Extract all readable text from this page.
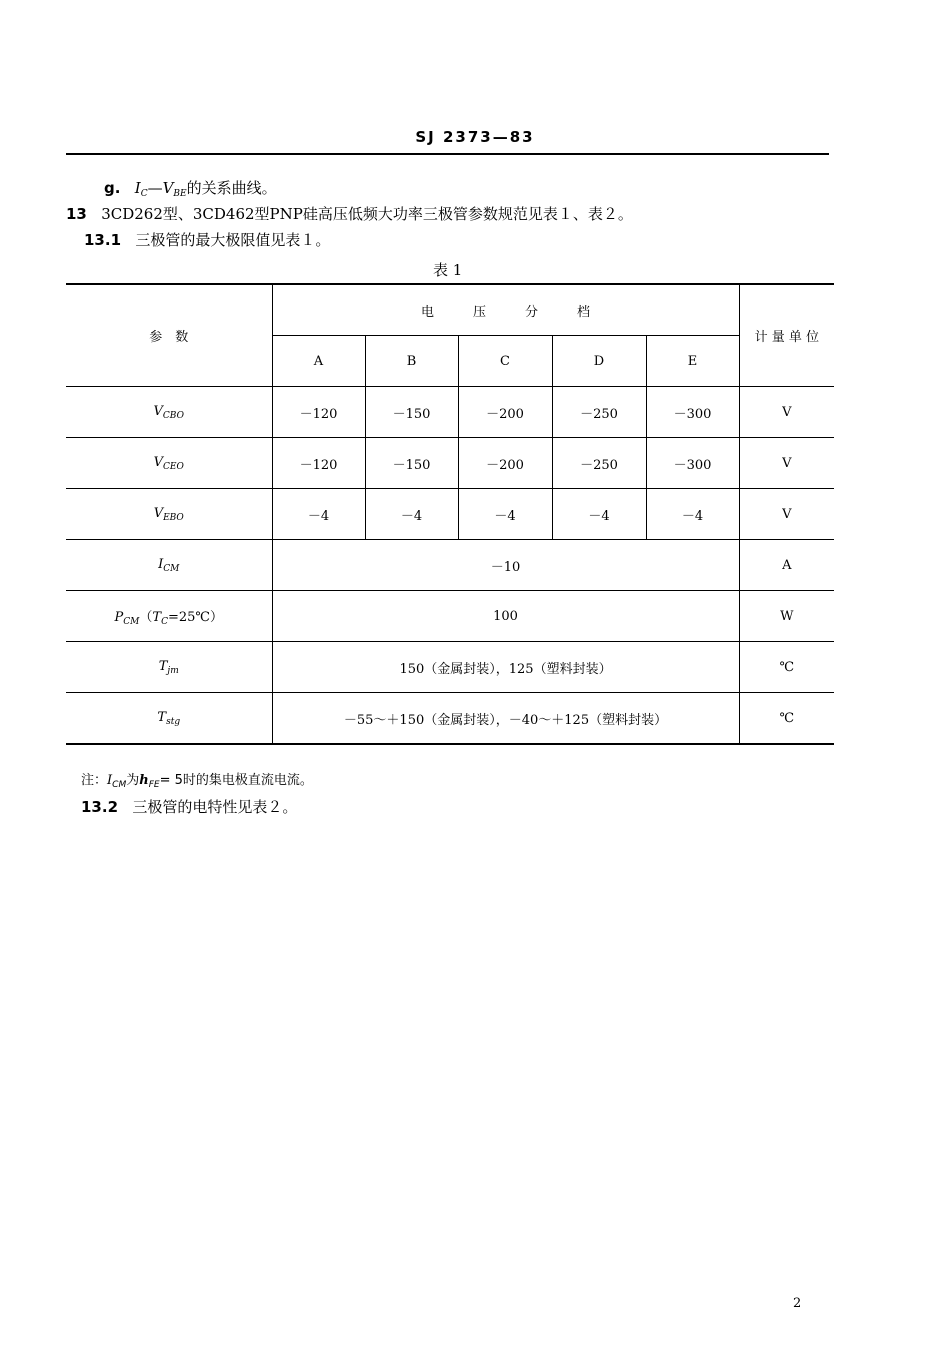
SJ 2373—83
g. $I_C—V_{BE}$的关系曲线。
13 3CD262型、3CD462型PNP硅高压低频大功率三极管参数规范见表１、表２。
13.1 三极管的最大极限值见表１。
表 1
参　数	电　　　压　　　分　　　档					计 量 单 位
	A	B	C	D	E	
$V_{CBO}$	－120	－150	－200	－250	－300	V
$V_{CEO}$	－120	－150	－200	－250	－300	V
$V_{EBO}$	－4	－4	－4	－4	－4	V
$I_{CM}$	－10					A
$P_{CM}(T_C=25℃)$	100					W
$T_{jm}$	150（金属封装），125（塑料封装）					℃
$T_{stg}$	－55～＋150（金属封装），－40～＋125（塑料封装）					℃
注：$I_{CM}$为$h_{FE}= 5$时的集电极直流电流。
13.2 三极管的电特性见表２。
2
